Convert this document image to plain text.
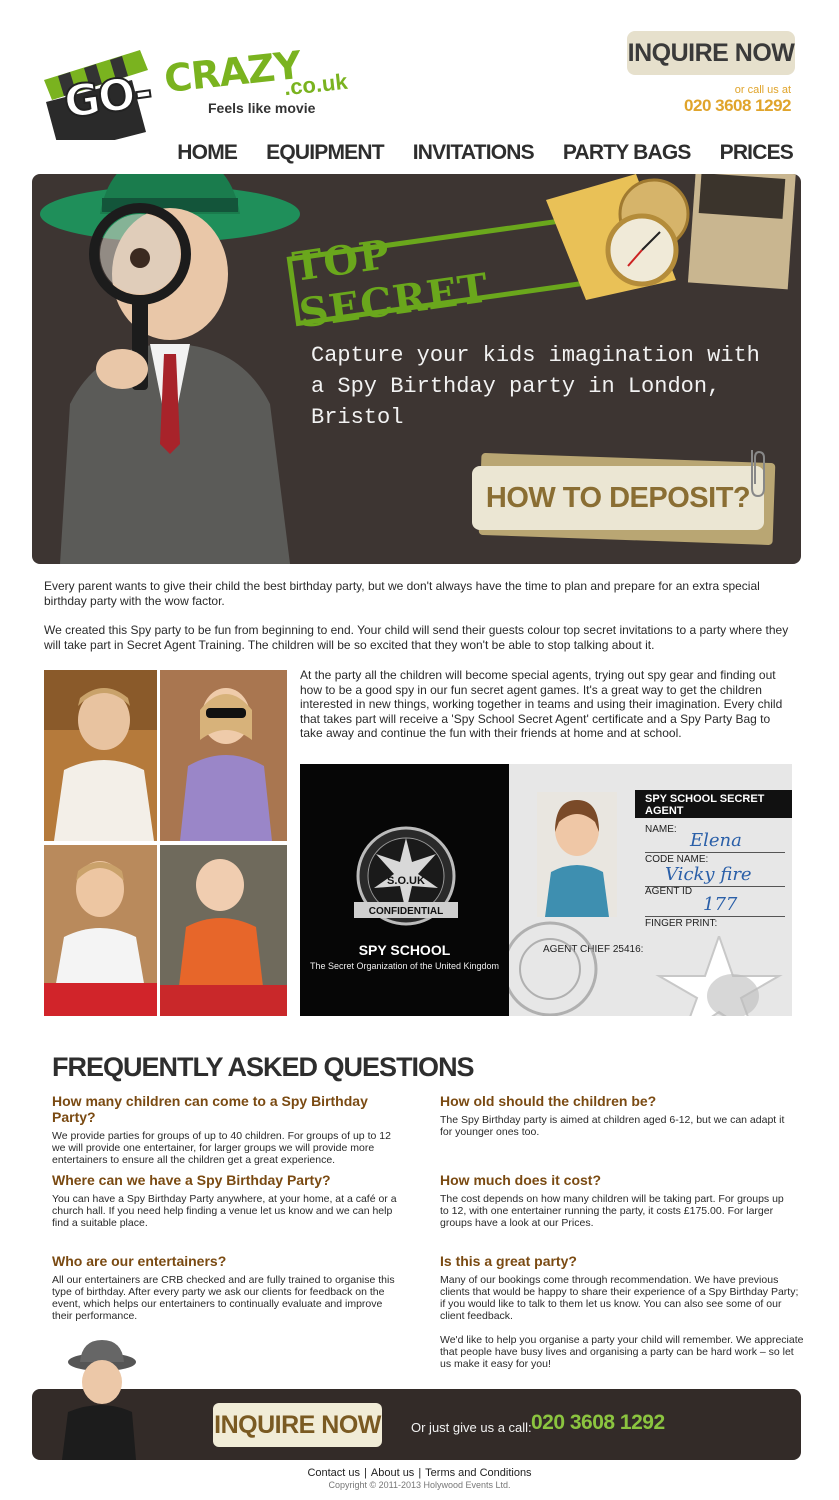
GO- CRAZY
.co.uk
Feels like movie
INQUIRE NOW
or call us at
020 3608 1292
HOME EQUIPMENT INVITATIONS PARTY BAGS PRICES
TOP SECRET
Capture your kids imagination with a Spy Birthday party in London, Bristol
HOW TO DEPOSIT?

Every parent wants to give their child the best birthday party, but we don't always have the time to plan and prepare for an extra special birthday party with the wow factor.

We created this Spy party to be fun from beginning to end. Your child will send their guests colour top secret invitations to a party where they will take part in Secret Agent Training. The children will be so excited that they won't be able to stop talking about it.

At the party all the children will become special agents, trying out spy gear and finding out how to be a good spy in our fun secret agent games. It's a great way to get the children interested in new things, working together in teams and using their imagination. Every child that takes part will receive a 'Spy School Secret Agent' certificate and a Spy Party Bag to take away and continue the fun with their friends at home and at school.
S.O.UK
CONFIDENTIAL
SPY SCHOOL
The Secret Organization of the United Kingdom
SPY SCHOOL SECRET AGENT
NAME:
Elena
CODE NAME:
Vicky fire
AGENT ID
177
FINGER PRINT:
AGENT CHIEF 25416:
FREQUENTLY ASKED QUESTIONS
How many children can come to a Spy Birthday Party?

We provide parties for groups of up to 40 children. For groups of up to 12 we will provide one entertainer, for larger groups we will provide more entertainers to ensure all the children get a great experience.

How old should the children be?

The Spy Birthday party is aimed at children aged 6-12, but we can adapt it for younger ones too.

Where can we have a Spy Birthday Party?

You can have a Spy Birthday Party anywhere, at your home, at a café or a church hall. If you need help finding a venue let us know and we can help find a suitable place.

How much does it cost?

The cost depends on how many children will be taking part. For groups up to 12, with one entertainer running the party, it costs £175.00. For larger groups have a look at our Prices.

Who are our entertainers?

All our entertainers are CRB checked and are fully trained to organise this type of birthday. After every party we ask our clients for feedback on the event, which helps our entertainers to continually evaluate and improve their performance.

Is this a great party?

Many of our bookings come through recommendation. We have previous clients that would be happy to share their experience of a Spy Birthday Party; if you would like to talk to them let us know. You can also see some of our client feedback.

We'd like to help you organise a party your child will remember. We appreciate that people have busy lives and organising a party can be hard work – so let us make it easy for you!

INQUIRE NOW Or just give us a call: 020 3608 1292
Contact us | About us | Terms and Conditions
Copyright © 2011-2013 Holywood Events Ltd.
